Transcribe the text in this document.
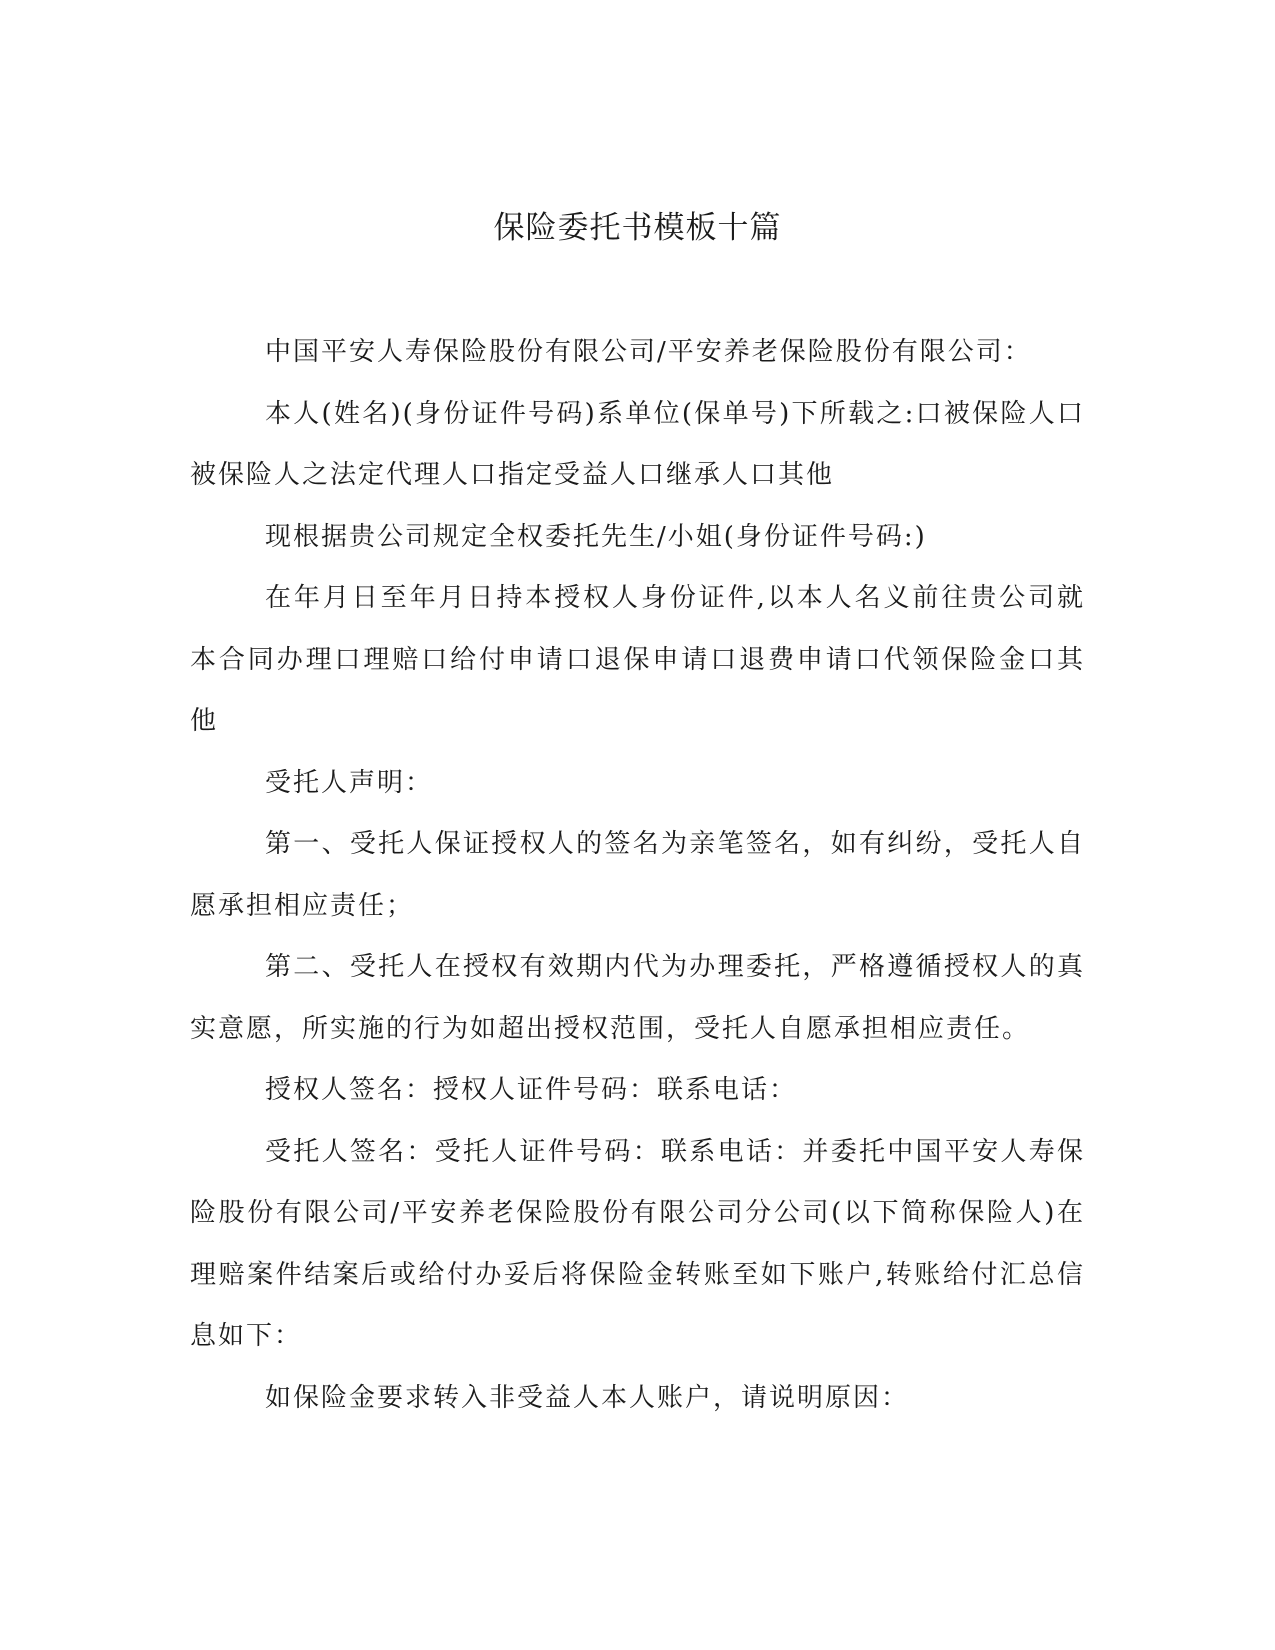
保险委托书模板十篇

中国平安人寿保险股份有限公司/平安养老保险股份有限公司：

本人(姓名)(身份证件号码)系单位(保单号)下所载之:口被保险人口被保险人之法定代理人口指定受益人口继承人口其他

现根据贵公司规定全权委托先生/小姐(身份证件号码:)

在年月日至年月日持本授权人身份证件,以本人名义前往贵公司就本合同办理口理赔口给付申请口退保申请口退费申请口代领保险金口其他

受托人声明：

第一、受托人保证授权人的签名为亲笔签名，如有纠纷，受托人自愿承担相应责任；

第二、受托人在授权有效期内代为办理委托，严格遵循授权人的真实意愿，所实施的行为如超出授权范围，受托人自愿承担相应责任。

授权人签名：授权人证件号码：联系电话：

受托人签名：受托人证件号码：联系电话：并委托中国平安人寿保险股份有限公司/平安养老保险股份有限公司分公司(以下简称保险人)在理赔案件结案后或给付办妥后将保险金转账至如下账户,转账给付汇总信息如下：

如保险金要求转入非受益人本人账户，请说明原因：
